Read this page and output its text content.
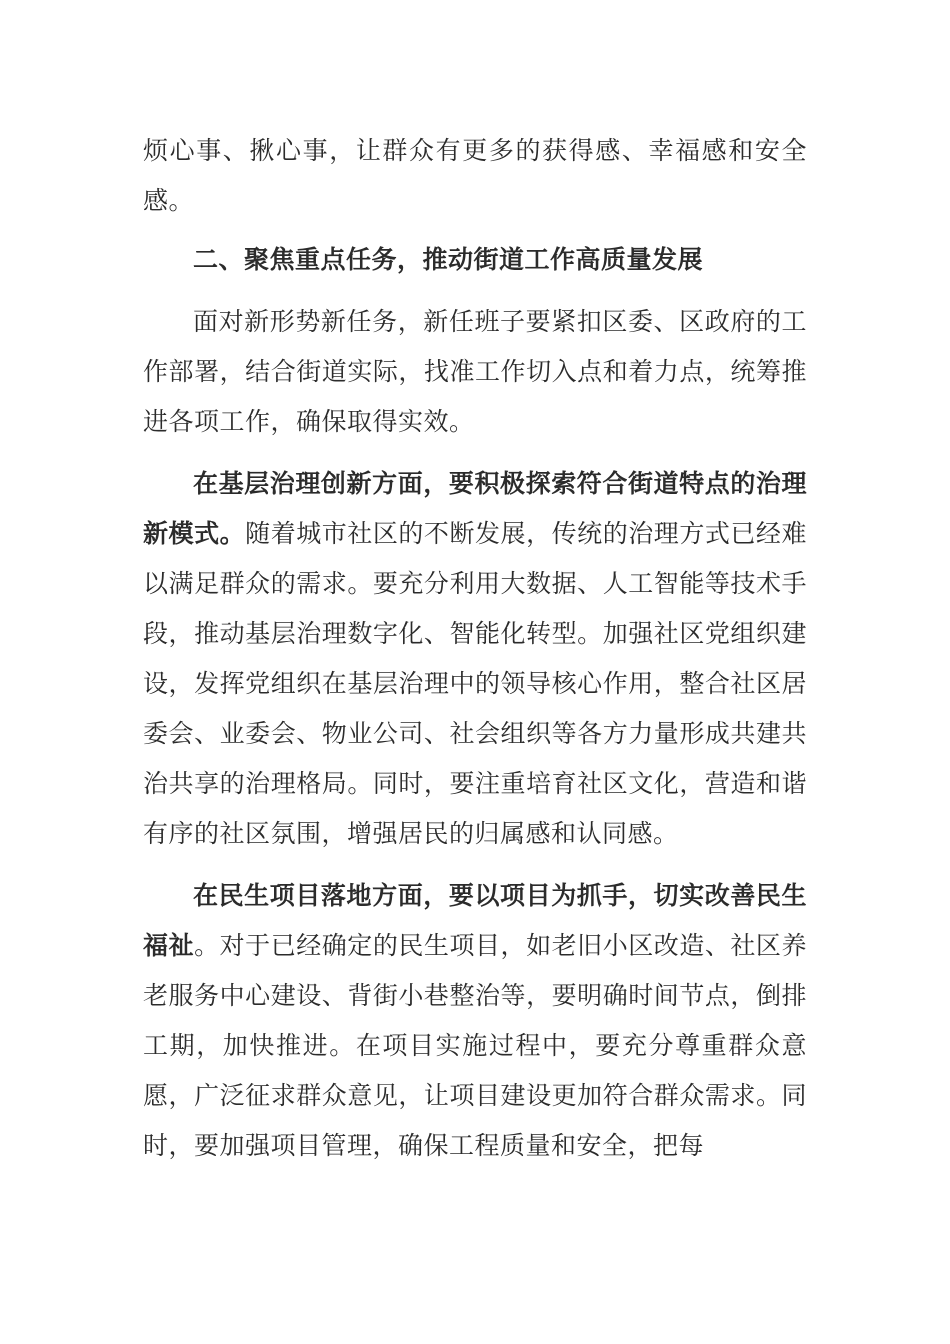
烦心事、揪心事，让群众有更多的获得感、幸福感和安全感。

二、聚焦重点任务，推动街道工作高质量发展

面对新形势新任务，新任班子要紧扣区委、区政府的工作部署，结合街道实际，找准工作切入点和着力点，统筹推进各项工作，确保取得实效。

在基层治理创新方面，要积极探索符合街道特点的治理新模式。随着城市社区的不断发展，传统的治理方式已经难以满足群众的需求。要充分利用大数据、人工智能等技术手段，推动基层治理数字化、智能化转型。加强社区党组织建设，发挥党组织在基层治理中的领导核心作用，整合社区居委会、业委会、物业公司、社会组织等各方力量形成共建共治共享的治理格局。同时，要注重培育社区文化，营造和谐有序的社区氛围，增强居民的归属感和认同感。

在民生项目落地方面，要以项目为抓手，切实改善民生福祉。对于已经确定的民生项目，如老旧小区改造、社区养老服务中心建设、背街小巷整治等，要明确时间节点，倒排工期，加快推进。在项目实施过程中，要充分尊重群众意愿，广泛征求群众意见，让项目建设更加符合群众需求。同时，要加强项目管理，确保工程质量和安全，把每
